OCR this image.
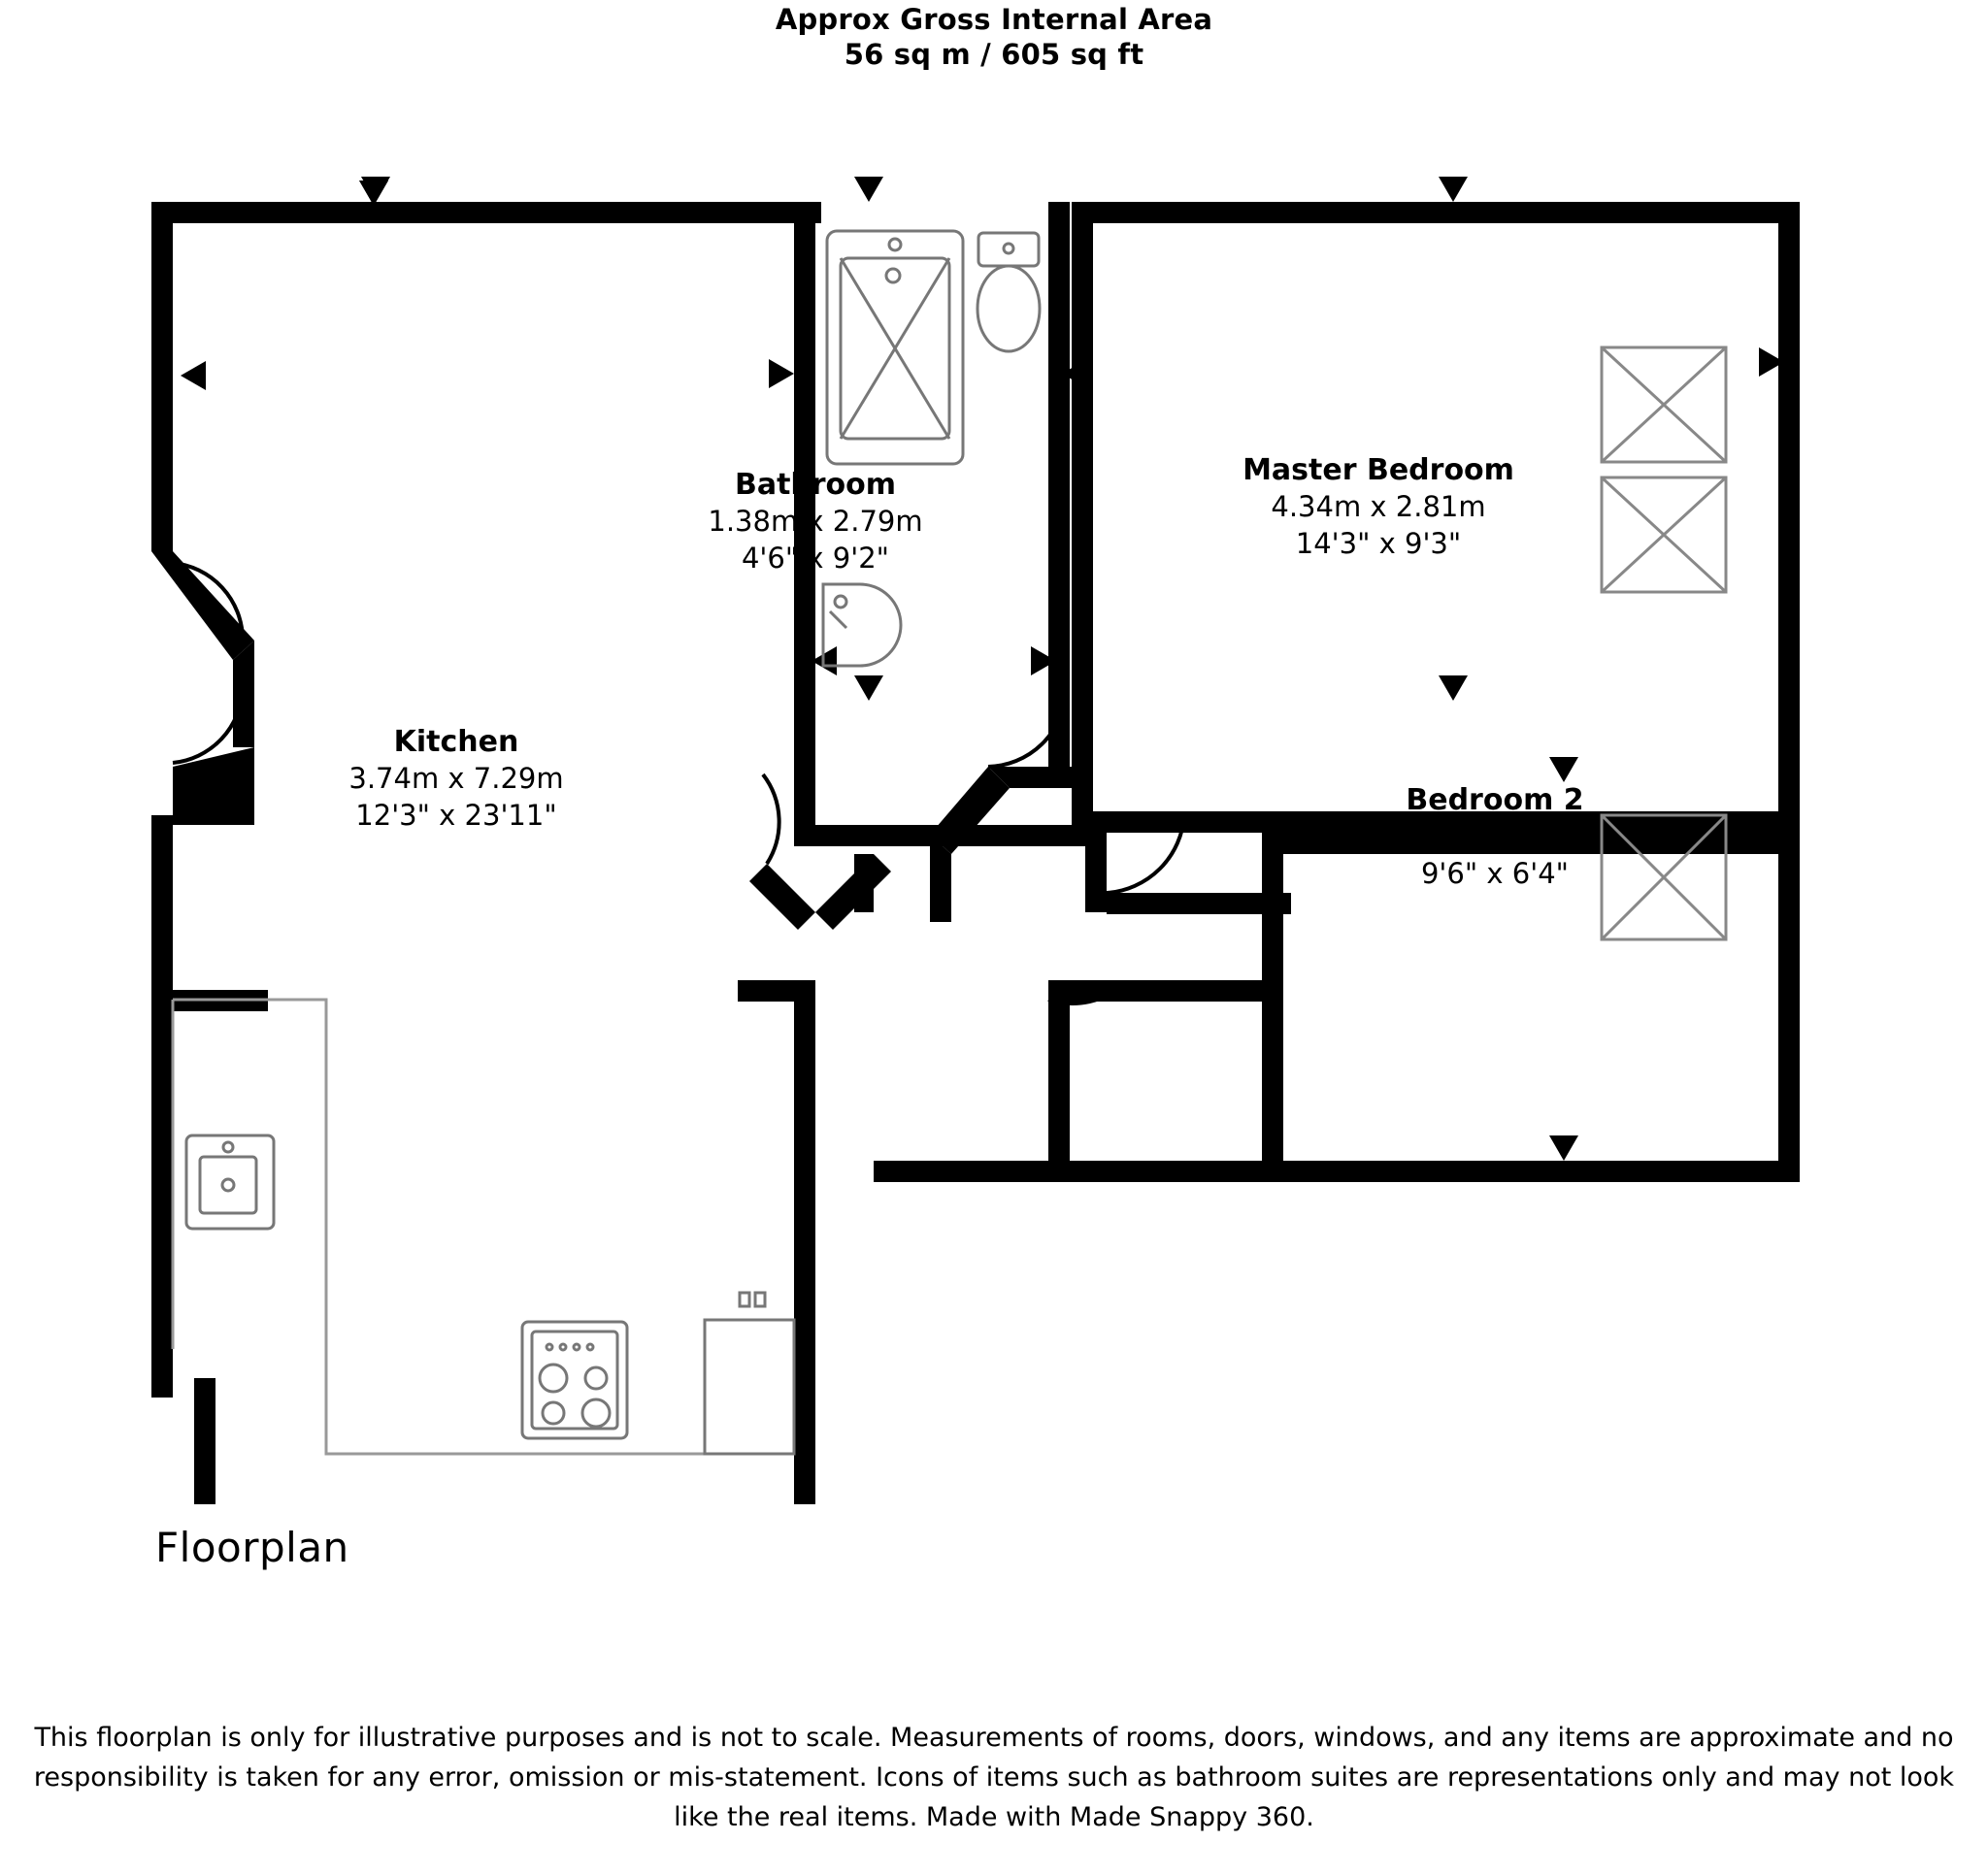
Approx Gross Internal Area
56 sq m / 605 sq ft
Kitchen
3.74m x 7.29m
12'3" x 23'11"
Bathroom
1.38m x 2.79m
4'6" x 9'2"
Master Bedroom
4.34m x 2.81m
14'3" x 9'3"
Bedroom 2
2.90m x 1.93m
9'6" x 6'4"
Floorplan
This floorplan is only for illustrative purposes and is not to scale. Measurements of rooms, doors, windows, and any items are approximate and no responsibility is taken for any error, omission or mis-statement. Icons of items such as bathroom suites are representations only and may not look like the real items. Made with Made Snappy 360.
